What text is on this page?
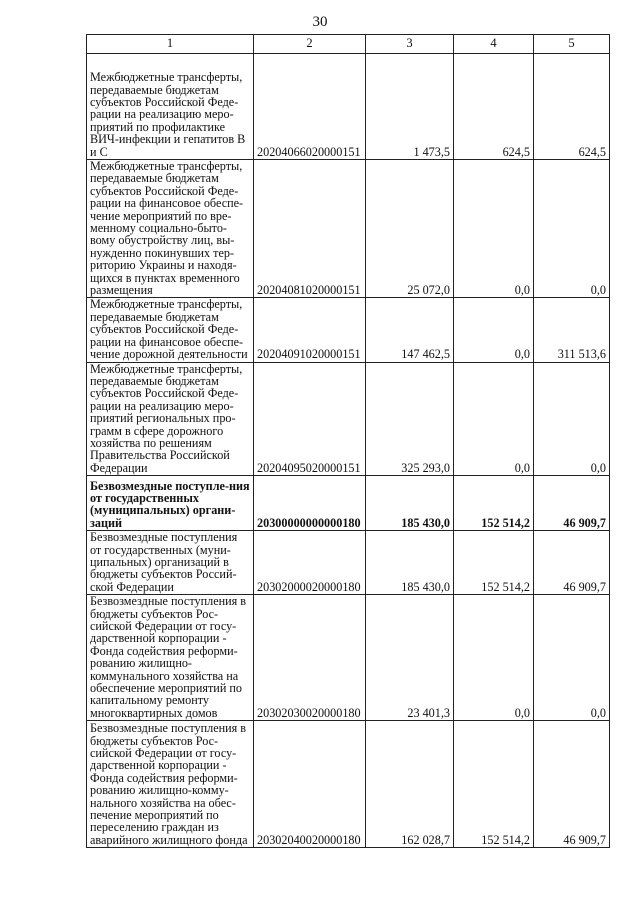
30
1	2	3	4	5
Межбюджетные трансферты, передаваемые бюджетам субъектов Российской Феде-рации на реализацию меро-приятий по профилактике ВИЧ-инфекции и гепатитов В и С	20204066020000151	1 473,5	624,5	624,5
Межбюджетные трансферты, передаваемые бюджетам субъектов Российской Феде-рации на финансовое обеспе-чение мероприятий по вре-менному социально-быто-вому обустройству лиц, вы-нужденно покинувших тер-риторию Украины и находя-щихся в пунктах временного размещения	20204081020000151	25 072,0	0,0	0,0
Межбюджетные трансферты, передаваемые бюджетам субъектов Российской Феде-рации на финансовое обеспе-чение дорожной деятельности	20204091020000151	147 462,5	0,0	311 513,6
Межбюджетные трансферты, передаваемые бюджетам субъектов Российской Феде-рации на реализацию меро-приятий региональных про-грамм в сфере дорожного хозяйства по решениям Правительства Российской Федерации	20204095020000151	325 293,0	0,0	0,0
Безвозмездные поступле-ния от государственных (муниципальных) органи-заций	20300000000000180	185 430,0	152 514,2	46 909,7
Безвозмездные поступления от государственных (муни-ципальных) организаций в бюджеты субъектов Россий-ской Федерации	20302000020000180	185 430,0	152 514,2	46 909,7
Безвозмездные поступления в бюджеты субъектов Рос-сийской Федерации от госу-дарственной корпорации - Фонда содействия реформи-рованию жилищно-коммунального хозяйства на обеспечение мероприятий по капитальному ремонту многоквартирных домов	20302030020000180	23 401,3	0,0	0,0
Безвозмездные поступления в бюджеты субъектов Рос-сийской Федерации от госу-дарственной корпорации - Фонда содействия реформи-рованию жилищно-комму-нального хозяйства на обес-печение мероприятий по переселению граждан из аварийного жилищного фонда	20302040020000180	162 028,7	152 514,2	46 909,7
